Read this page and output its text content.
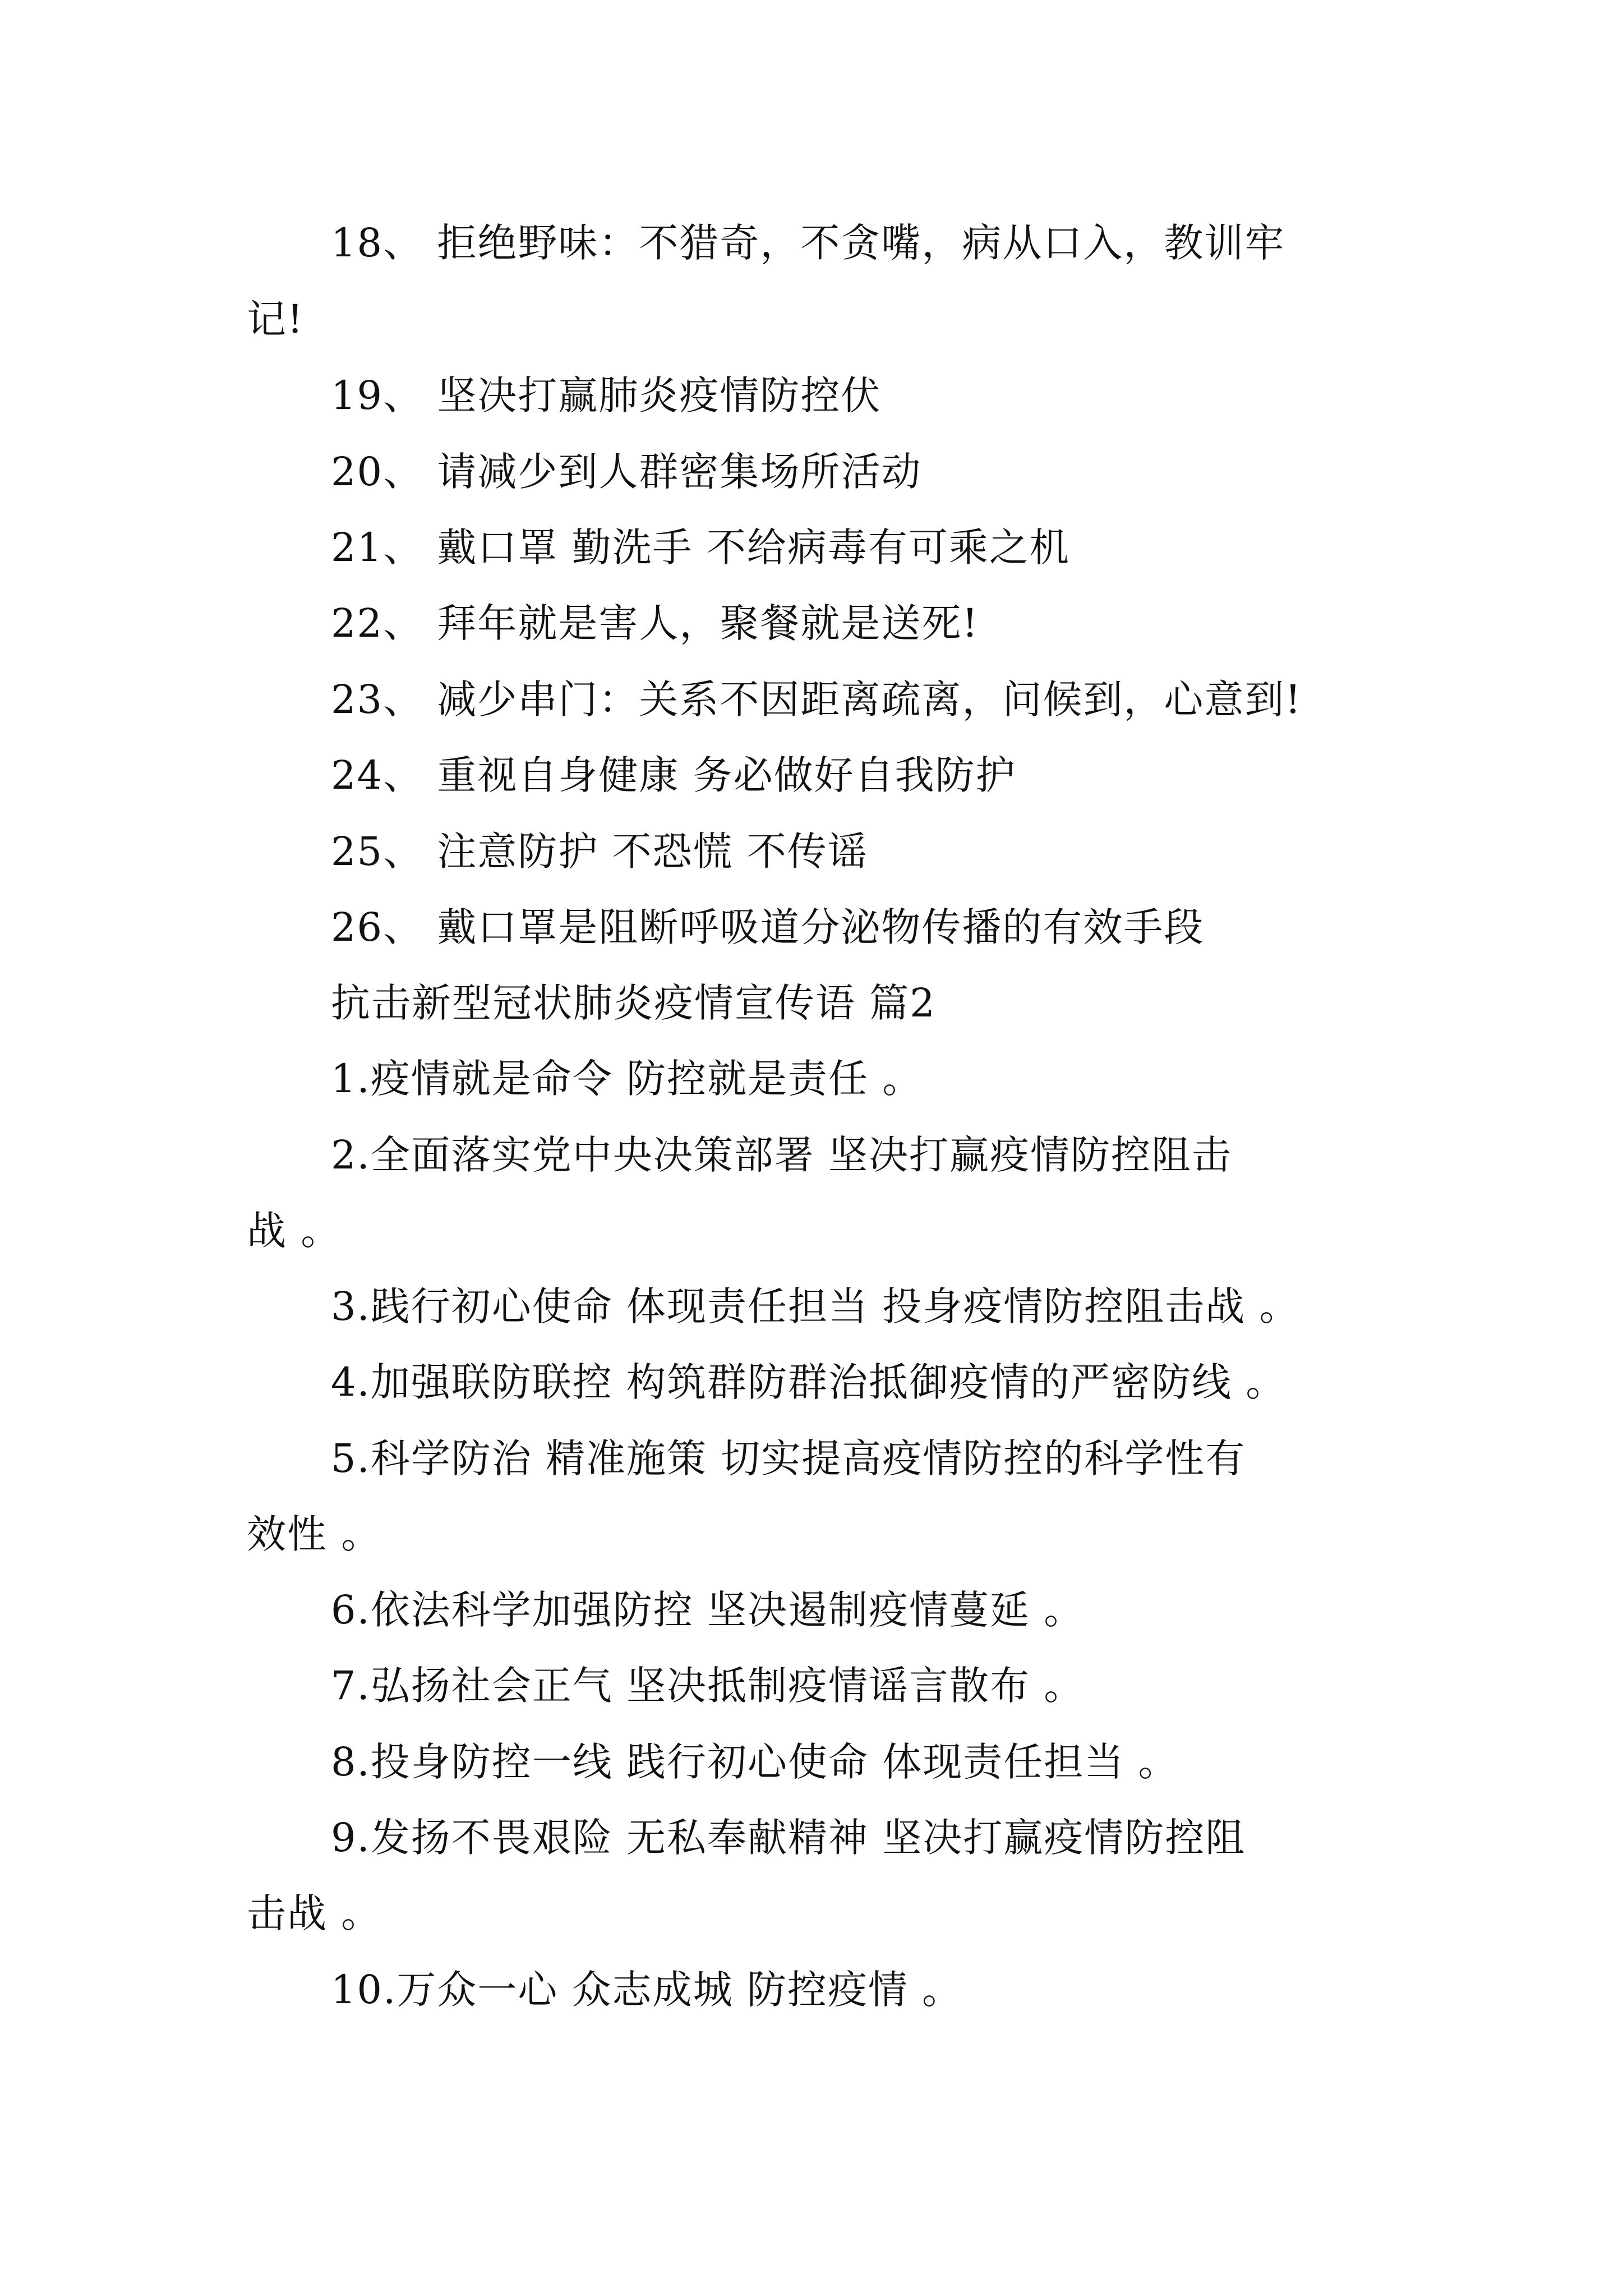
18、 拒绝野味：不猎奇，不贪嘴，病从口入，教训牢
记!
19、 坚决打赢肺炎疫情防控伏
20、 请减少到人群密集场所活动
21、 戴口罩 勤洗手 不给病毒有可乘之机
22、 拜年就是害人，聚餐就是送死!
23、 减少串门：关系不因距离疏离，问候到，心意到!
24、 重视自身健康 务必做好自我防护
25、 注意防护 不恐慌 不传谣
26、 戴口罩是阻断呼吸道分泌物传播的有效手段
抗击新型冠状肺炎疫情宣传语 篇2
1.疫情就是命令 防控就是责任 。
2.全面落实党中央决策部署 坚决打赢疫情防控阻击
战 。
3.践行初心使命 体现责任担当 投身疫情防控阻击战 。
4.加强联防联控 构筑群防群治抵御疫情的严密防线 。
5.科学防治 精准施策 切实提高疫情防控的科学性有
效性 。
6.依法科学加强防控 坚决遏制疫情蔓延 。
7.弘扬社会正气 坚决抵制疫情谣言散布 。
8.投身防控一线 践行初心使命 体现责任担当 。
9.发扬不畏艰险 无私奉献精神 坚决打赢疫情防控阻
击战 。
10.万众一心 众志成城 防控疫情 。
